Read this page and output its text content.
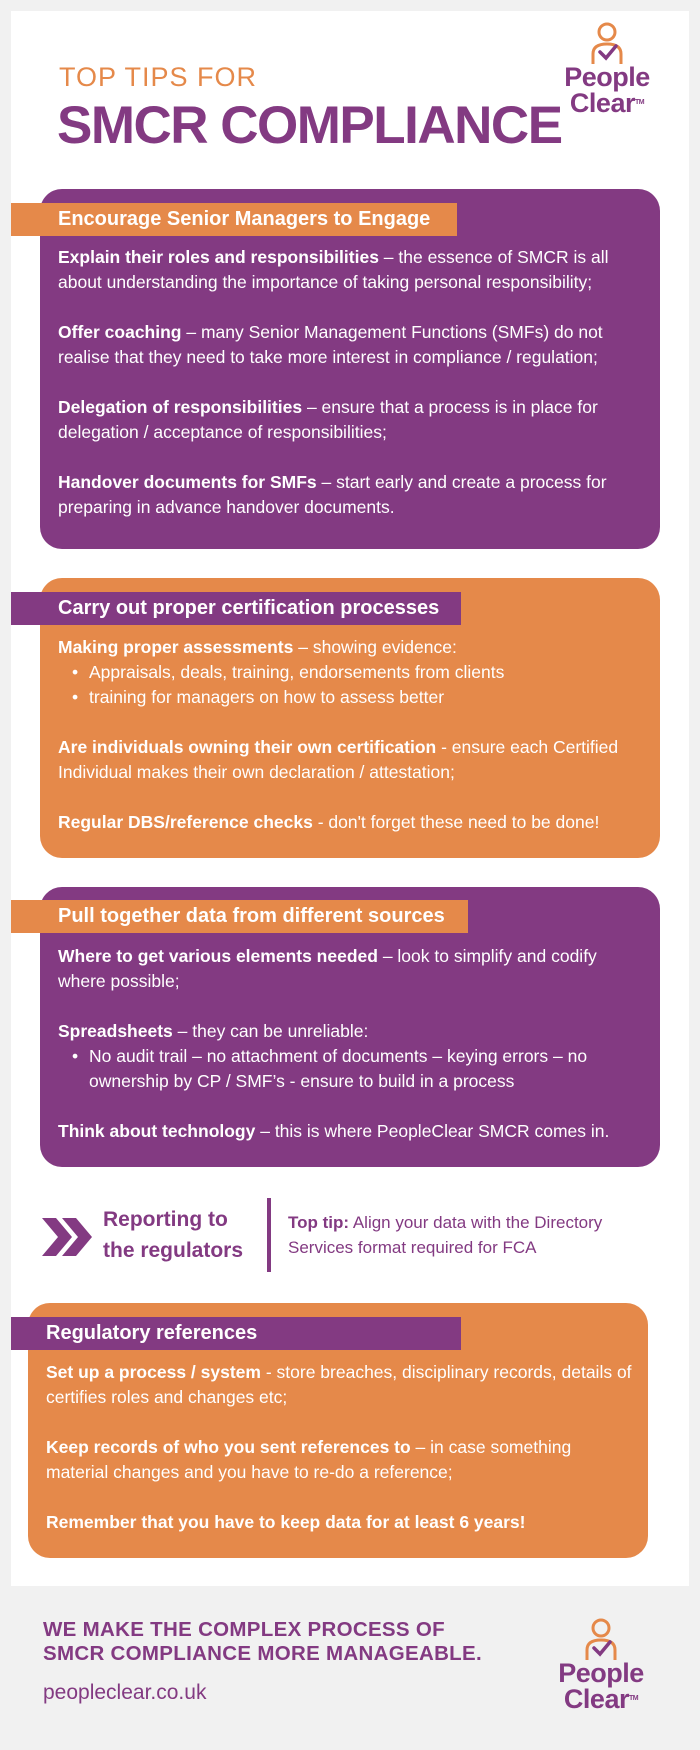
TOP TIPS FOR
SMCR COMPLIANCE
People
ClearTM
Encourage Senior Managers to Engage
Explain their roles and responsibilities – the essence of SMCR is all about understanding the importance of taking personal responsibility;
Offer coaching – many Senior Management Functions (SMFs) do not realise that they need to take more interest in compliance / regulation;
Delegation of responsibilities – ensure that a process is in place for delegation / acceptance of responsibilities;
Handover documents for SMFs – start early and create a process for preparing in advance handover documents.
Carry out proper certification processes
Making proper assessments – showing evidence:
• Appraisals, deals, training, endorsements from clients
• training for managers on how to assess better
Are individuals owning their own certification - ensure each Certified Individual makes their own declaration / attestation;
Regular DBS/reference checks - don't forget these need to be done!
Pull together data from different sources
Where to get various elements needed – look to simplify and codify where possible;
Spreadsheets – they can be unreliable:
• No audit trail – no attachment of documents – keying errors – no ownership by CP / SMF’s - ensure to build in a process
Think about technology – this is where PeopleClear SMCR comes in.
Reporting to
the regulators
Top tip: Align your data with the Directory Services format required for FCA
Regulatory references
Set up a process / system - store breaches, disciplinary records, details of certifies roles and changes etc;
Keep records of who you sent references to – in case something material changes and you have to re-do a reference;
Remember that you have to keep data for at least 6 years!
WE MAKE THE COMPLEX PROCESS OF
SMCR COMPLIANCE MORE MANAGEABLE.
peopleclear.co.uk
People
ClearTM
